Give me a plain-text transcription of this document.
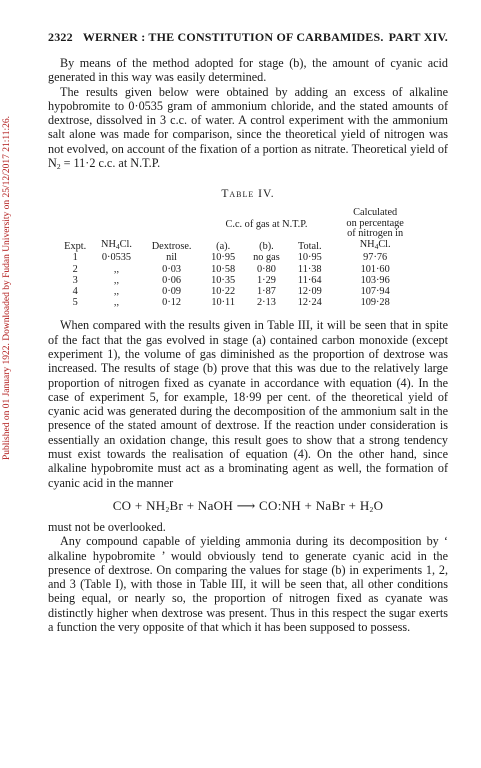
Published on 01 January 1922. Downloaded by Fudan University on 25/12/2017 21:11:26.
2322 WERNER : THE CONSTITUTION OF CARBAMIDES. PART XIV.

By means of the method adopted for stage (b), the amount of cyanic acid generated in this way was easily determined.

The results given below were obtained by adding an excess of alkaline hypobromite to 0·0535 gram of ammonium chloride, and the stated amounts of dextrose, dissolved in 3 c.c. of water. A control experiment with the ammonium salt alone was made for comparison, since the theoretical yield of nitrogen was not evolved, on account of the fixation of a portion as nitrate. Theoretical yield of $N_2 = 11\cdot 2$ c.c. at N.T.P.

Table IV.
Expt.	$NH_4Cl$.	Dextrose.	C.c. of gas at N.T.P.			Calculated
on percentage
of nitrogen in
$NH_4Cl$.

			(a).	(b).	Total.	
1	0·0535	nil	10·95	no gas	10·95	97·76
2	,,	0·03	10·58	0·80	11·38	101·60
3	,,	0·06	10·35	1·29	11·64	103·96
4	,,	0·09	10·22	1·87	12·09	107·94
5	,,	0·12	10·11	2·13	12·24	109·28

When compared with the results given in Table III, it will be seen that in spite of the fact that the gas evolved in stage (a) contained carbon monoxide (except experiment 1), the volume of gas diminished as the proportion of dextrose was increased. The results of stage (b) prove that this was due to the relatively large proportion of nitrogen fixed as cyanate in accordance with equation (4). In the case of experiment 5, for example, 18·99 per cent. of the theoretical yield of cyanic acid was generated during the decomposition of the ammonium salt in the presence of the stated amount of dextrose. If the reaction under consideration is essentially an oxidation change, this result goes to show that a strong tendency must exist towards the realisation of equation (4). On the other hand, since alkaline hypobromite must act as a brominating agent as well, the formation of cyanic acid in the manner

CO + $NH_2Br$ + NaOH ⟶ CO:NH + NaBr + $H_2O$

must not be overlooked.

Any compound capable of yielding ammonia during its decomposition by ‘ alkaline hypobromite ’ would obviously tend to generate cyanic acid in the presence of dextrose. On comparing the values for stage (b) in experiments 1, 2, and 3 (Table I), with those in Table III, it will be seen that, all other conditions being equal, or nearly so, the proportion of nitrogen fixed as cyanate was distinctly higher when dextrose was present. Thus in this respect the sugar exerts a function the very opposite of that which it has been supposed to possess.
